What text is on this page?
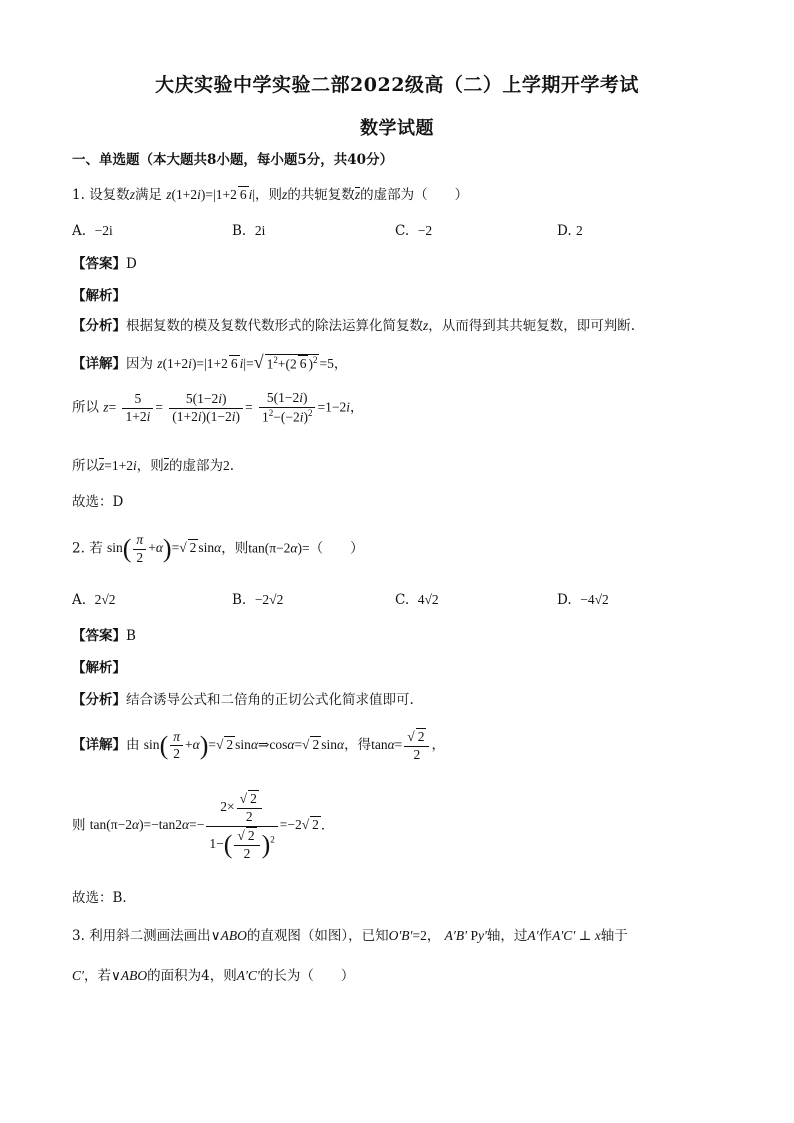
大庆实验中学实验二部2022级高（二）上学期开学考试
数学试题
一、单选题（本大题共8小题，每小题5分，共40分）
1. 设复数z满足 z(1+2i)=|1+2 6 i|，则z的共轭复数z的虚部为（　　）
A. −2i	B. 2i	C. −2	D. 2
【答案】D
【解析】
【分析】根据复数的模及复数代数形式的除法运算化简复数z，从而得到其共轭复数，即可判断.
【详解】因为 z(1+2i)=|1+2 6 i|=√ $1^2+(2$ 6 )$^2$ =5，
所以 $z= \frac{5}{1+2i} = \frac{5(1-2i)}{(1+2i)(1-2i)} = \frac{5(1-2i)}{1^2-(-2i)^2} =1-2i$，
所以z=1+2i，则z的虚部为2.
故选：D
2. 若 $\sin( \frac{\pi}{2} +\alpha)=√$ 2 sinα，则tan(π−2α)=（　　）
A. 2√2	B. −2√2	C. 4√2	D. −4√2
【答案】B
【解析】
【分析】结合诱导公式和二倍角的正切公式化简求值即可.
【详解】由 $\sin( \frac{\pi}{2} +\alpha)=√$ 2 sinα⇒cosα=√ 2 sinα，得$\tan\alpha= \frac{√ 2}{2}$ ，
则 $\tan(\pi-2\alpha)=-\tan 2\alpha=- \frac{2\times \frac{√ 2}{2}}{1-( \frac{√ 2}{2} )^2} =-2√$ 2 ．
故选：B．
3. 利用斜二测画法画出∨ABO的直观图（如图），已知O′B′=2， A′B′ Py′轴，过A′作A′C′ ⊥ x轴于
C′，若∨ABO的面积为4，则A′C′的长为（　　）
